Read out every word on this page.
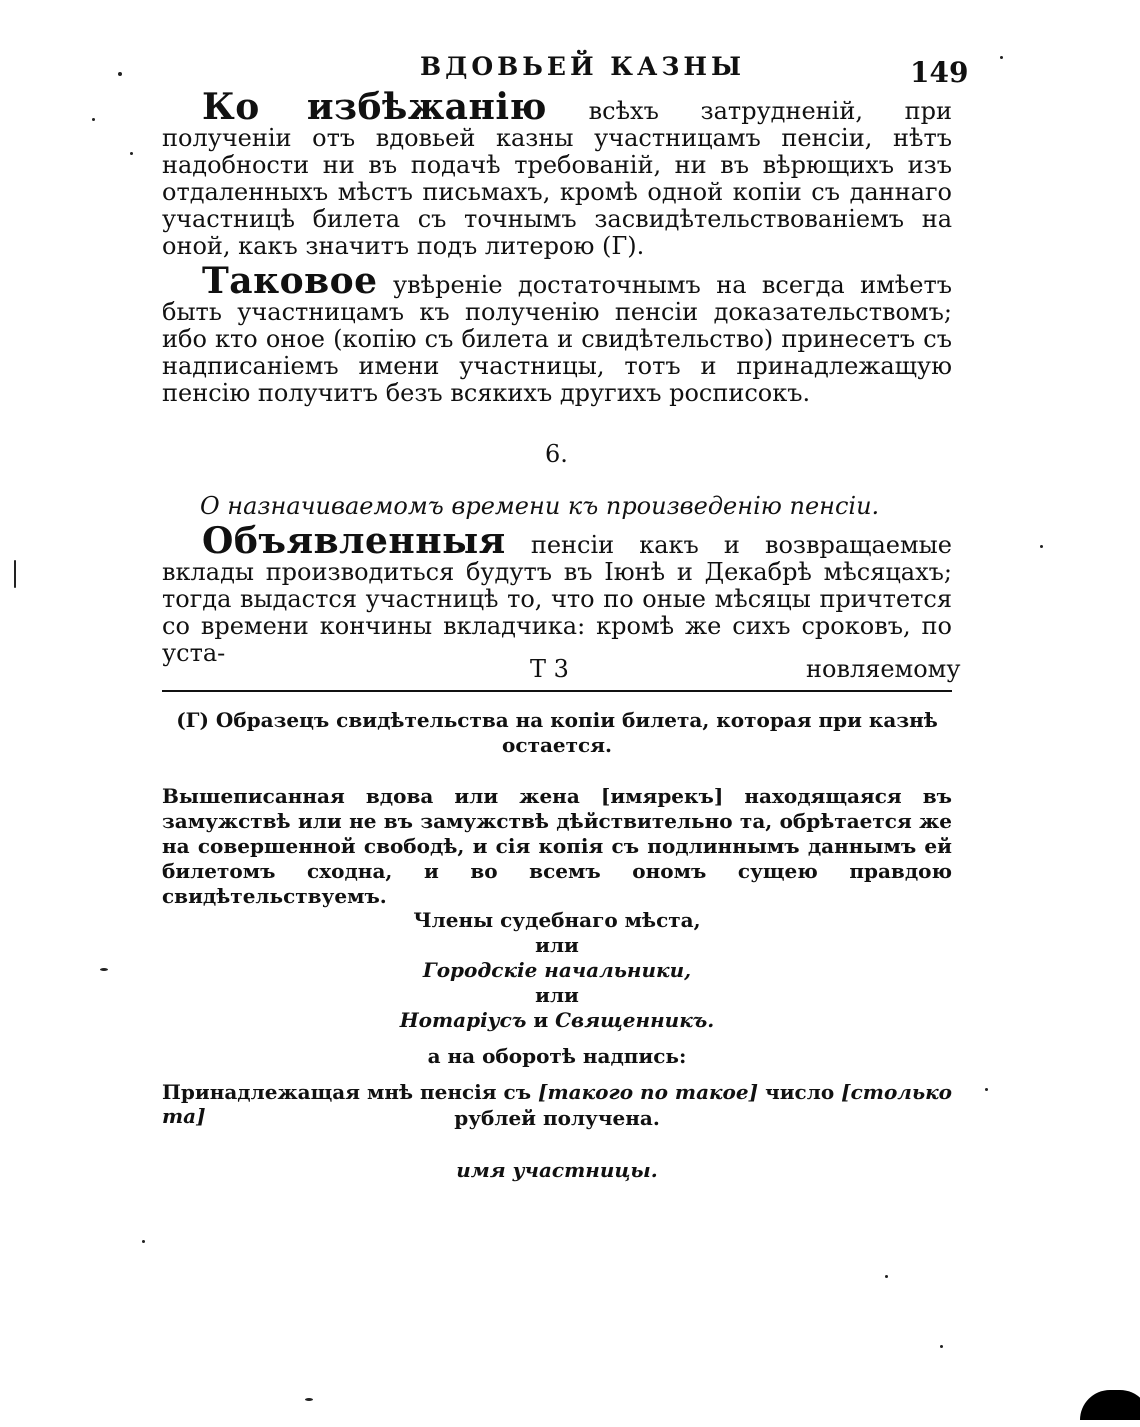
ВДОВЬЕЙ КАЗНЫ	149

Ко избѣжанію всѣхъ затрудненій, при полученіи отъ вдовьей казны участницамъ пенсіи, нѣтъ надобности ни въ подачѣ требованій, ни въ вѣрющихъ изъ отдаленныхъ мѣстъ письмахъ, кромѣ одной копіи съ даннаго участницѣ билета съ точнымъ засвидѣтельствованіемъ на оной, какъ значитъ подъ литерою (Г).

Таковое увѣреніе достаточнымъ на всегда имѣетъ быть участницамъ къ полученію пенсіи доказательствомъ; ибо кто оное (копію съ билета и свидѣтельство) принесетъ съ надписаніемъ имени участницы, тотъ и принадлежащую пенсію получитъ безъ всякихъ другихъ росписокъ.

6.
О назначиваемомъ времени къ произведенію пенсіи.

Объявленныя пенсіи какъ и возвращаемые вклады производиться будутъ въ Іюнѣ и Декабрѣ мѣсяцахъ; тогда выдастся участницѣ то, что по оные мѣсяцы причтется со времени кончины вкладчика: кромѣ же сихъ сроковъ, по уста-

Т 3	новляемому
(Г) Образецъ свидѣтельства на копіи билета, которая при казнѣ остается.
Вышеписанная вдова или жена [имярекъ] находящаяся въ замужствѣ или не въ замужствѣ дѣйствительно та, обрѣтается же на совершенной свободѣ, и сія копія съ подлиннымъ даннымъ ей билетомъ сходна, и во всемъ ономъ сущею правдою свидѣтельствуемъ.
Члены судебнаго мѣста,
или
Городскіе начальники,
или
Нотаріусъ и Священникъ.
а на оборотѣ надпись:
Принадлежащая мнѣ пенсія съ [такого по такое] число [столько та]	рублей получена.
имя участницы.
